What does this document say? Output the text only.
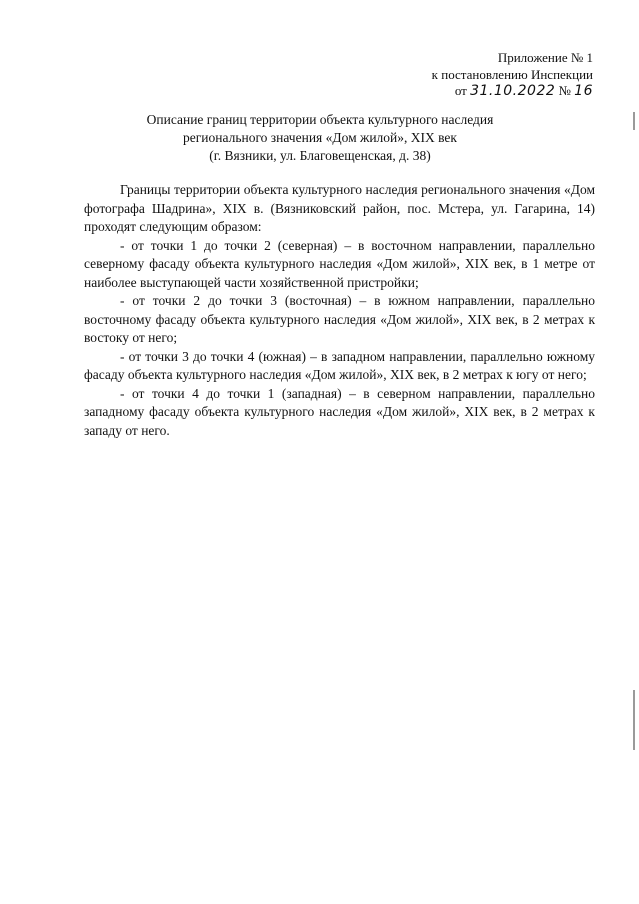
Приложение № 1
к постановлению Инспекции
от 31.10.2022 № 16
Описание границ территории объекта культурного наследия
регионального значения «Дом жилой», XIX век
(г. Вязники, ул. Благовещенская, д. 38)

Границы территории объекта культурного наследия регионального значения «Дом фотографа Шадрина», XIX в. (Вязниковский район, пос. Мстера, ул. Гагарина, 14) проходят следующим образом:

- от точки 1 до точки 2 (северная) – в восточном направлении, параллельно северному фасаду объекта культурного наследия «Дом жилой», XIX век, в 1 метре от наиболее выступающей части хозяйственной пристройки;

- от точки 2 до точки 3 (восточная) – в южном направлении, параллельно восточному фасаду объекта культурного наследия «Дом жилой», XIX век, в 2 метрах к востоку от него;

- от точки 3 до точки 4 (южная) – в западном направлении, параллельно южному фасаду объекта культурного наследия «Дом жилой», XIX век, в 2 метрах к югу от него;

- от точки 4 до точки 1 (западная) – в северном направлении, параллельно западному фасаду объекта культурного наследия «Дом жилой», XIX век, в 2 метрах к западу от него.
